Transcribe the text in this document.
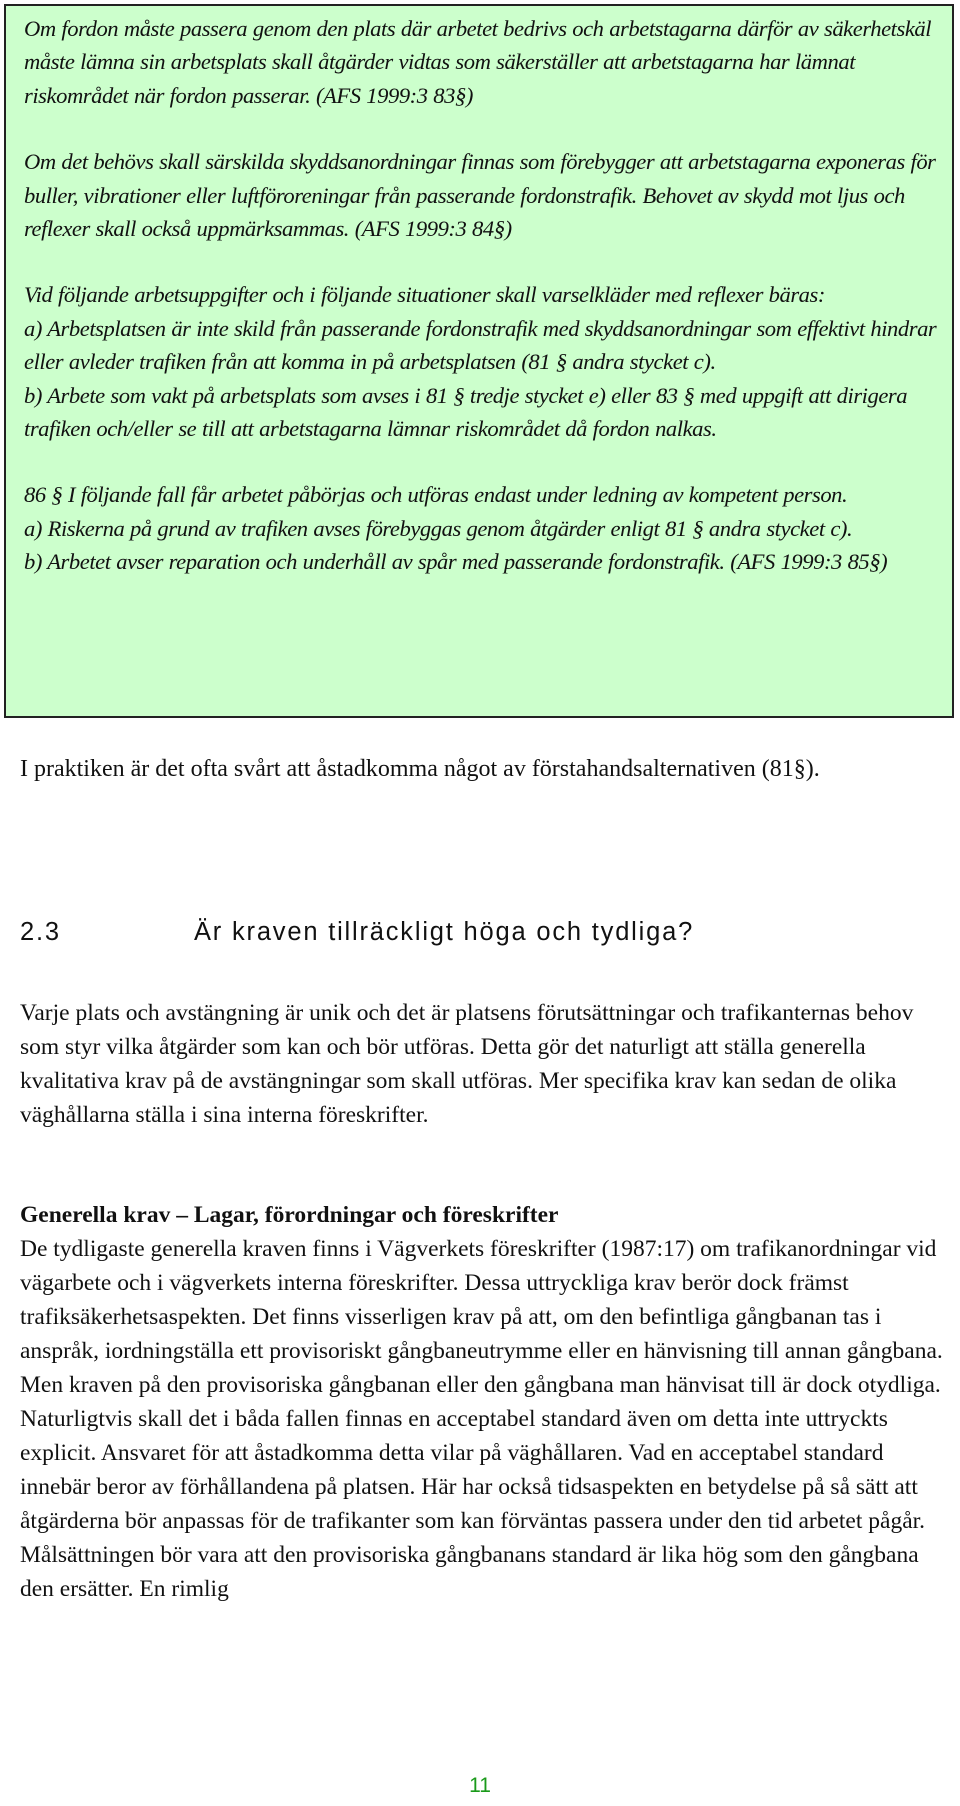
Om fordon måste passera genom den plats där arbetet bedrivs och arbetstagarna därför av säkerhetskäl måste lämna sin arbetsplats skall åtgärder vidtas som säkerställer att arbetstagarna har lämnat riskområdet när fordon passerar. (AFS 1999:3 83§)

Om det behövs skall särskilda skyddsanordningar finnas som förebygger att arbetstagarna exponeras för buller, vibrationer eller luftföroreningar från passerande fordonstrafik. Behovet av skydd mot ljus och reflexer skall också uppmärksammas. (AFS 1999:3 84§)

Vid följande arbetsuppgifter och i följande situationer skall varselkläder med reflexer bäras:

a) Arbetsplatsen är inte skild från passerande fordonstrafik med skyddsanordningar som effektivt hindrar eller avleder trafiken från att komma in på arbetsplatsen (81 § andra stycket c).

b) Arbete som vakt på arbetsplats som avses i 81 § tredje stycket e) eller 83 § med uppgift att dirigera trafiken och/eller se till att arbetstagarna lämnar riskområdet då fordon nalkas.

86 § I följande fall får arbetet påbörjas och utföras endast under ledning av kompetent person.

a) Riskerna på grund av trafiken avses förebyggas genom åtgärder enligt 81 § andra stycket c).

b) Arbetet avser reparation och underhåll av spår med passerande fordonstrafik. (AFS 1999:3 85§)

I praktiken är det ofta svårt att åstadkomma något av förstahandsalternativen (81§).

2.3	Är kraven tillräckligt höga och tydliga?

Varje plats och avstängning är unik och det är platsens förutsättningar och trafikanternas behov som styr vilka åtgärder som kan och bör utföras. Detta gör det naturligt att ställa generella kvalitativa krav på de avstängningar som skall utföras. Mer specifika krav kan sedan de olika väghållarna ställa i sina interna föreskrifter.

Generella krav – Lagar, förordningar och föreskrifter

De tydligaste generella kraven finns i Vägverkets föreskrifter (1987:17) om trafikanordningar vid vägarbete och i vägverkets interna föreskrifter. Dessa uttryckliga krav berör dock främst trafiksäkerhetsaspekten. Det finns visserligen krav på att, om den befintliga gångbanan tas i anspråk, iordningställa ett provisoriskt gångbaneutrymme eller en hänvisning till annan gångbana. Men kraven på den provisoriska gångbanan eller den gångbana man hänvisat till är dock otydliga. Naturligtvis skall det i båda fallen finnas en acceptabel standard även om detta inte uttryckts explicit. Ansvaret för att åstadkomma detta vilar på väghållaren. Vad en acceptabel standard innebär beror av förhållandena på platsen. Här har också tidsaspekten en betydelse på så sätt att åtgärderna bör anpassas för de trafikanter som kan förväntas passera under den tid arbetet pågår. Målsättningen bör vara att den provisoriska gångbanans standard är lika hög som den gångbana den ersätter. En rimlig

11
